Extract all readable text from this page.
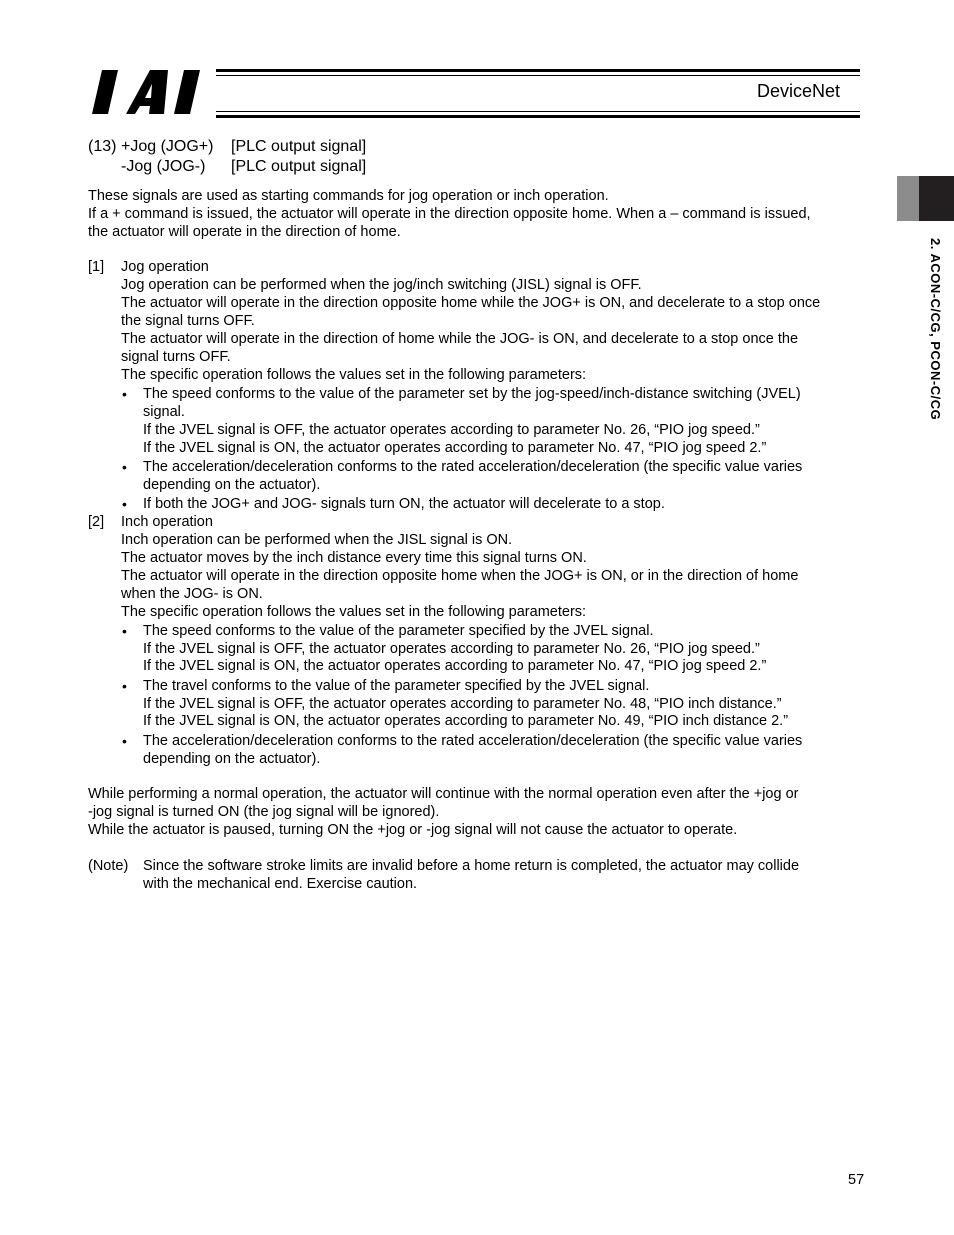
DeviceNet
2. ACON-C/CG, PCON-C/CG
(13) +Jog (JOG+) [PLC output signal]
-Jog (JOG-) [PLC output signal]
These signals are used as starting commands for jog operation or inch operation.
If a + command is issued, the actuator will operate in the direction opposite home. When a – command is issued,
the actuator will operate in the direction of home.
[1] Jog operation
Jog operation can be performed when the jog/inch switching (JISL) signal is OFF.
The actuator will operate in the direction opposite home while the JOG+ is ON, and decelerate to a stop once
the signal turns OFF.
The actuator will operate in the direction of home while the JOG- is ON, and decelerate to a stop once the
signal turns OFF.
The specific operation follows the values set in the following parameters:
• The speed conforms to the value of the parameter set by the jog-speed/inch-distance switching (JVEL)
signal.
If the JVEL signal is OFF, the actuator operates according to parameter No. 26, “PIO jog speed.”
If the JVEL signal is ON, the actuator operates according to parameter No. 47, “PIO jog speed 2.”
• The acceleration/deceleration conforms to the rated acceleration/deceleration (the specific value varies
depending on the actuator).
• If both the JOG+ and JOG- signals turn ON, the actuator will decelerate to a stop.
[2] Inch operation
Inch operation can be performed when the JISL signal is ON.
The actuator moves by the inch distance every time this signal turns ON.
The actuator will operate in the direction opposite home when the JOG+ is ON, or in the direction of home
when the JOG- is ON.
The specific operation follows the values set in the following parameters:
• The speed conforms to the value of the parameter specified by the JVEL signal.
If the JVEL signal is OFF, the actuator operates according to parameter No. 26, “PIO jog speed.”
If the JVEL signal is ON, the actuator operates according to parameter No. 47, “PIO jog speed 2.”
• The travel conforms to the value of the parameter specified by the JVEL signal.
If the JVEL signal is OFF, the actuator operates according to parameter No. 48, “PIO inch distance.”
If the JVEL signal is ON, the actuator operates according to parameter No. 49, “PIO inch distance 2.”
• The acceleration/deceleration conforms to the rated acceleration/deceleration (the specific value varies
depending on the actuator).
While performing a normal operation, the actuator will continue with the normal operation even after the +jog or
-jog signal is turned ON (the jog signal will be ignored).
While the actuator is paused, turning ON the +jog or -jog signal will not cause the actuator to operate.
(Note) Since the software stroke limits are invalid before a home return is completed, the actuator may collide
with the mechanical end. Exercise caution.
57
